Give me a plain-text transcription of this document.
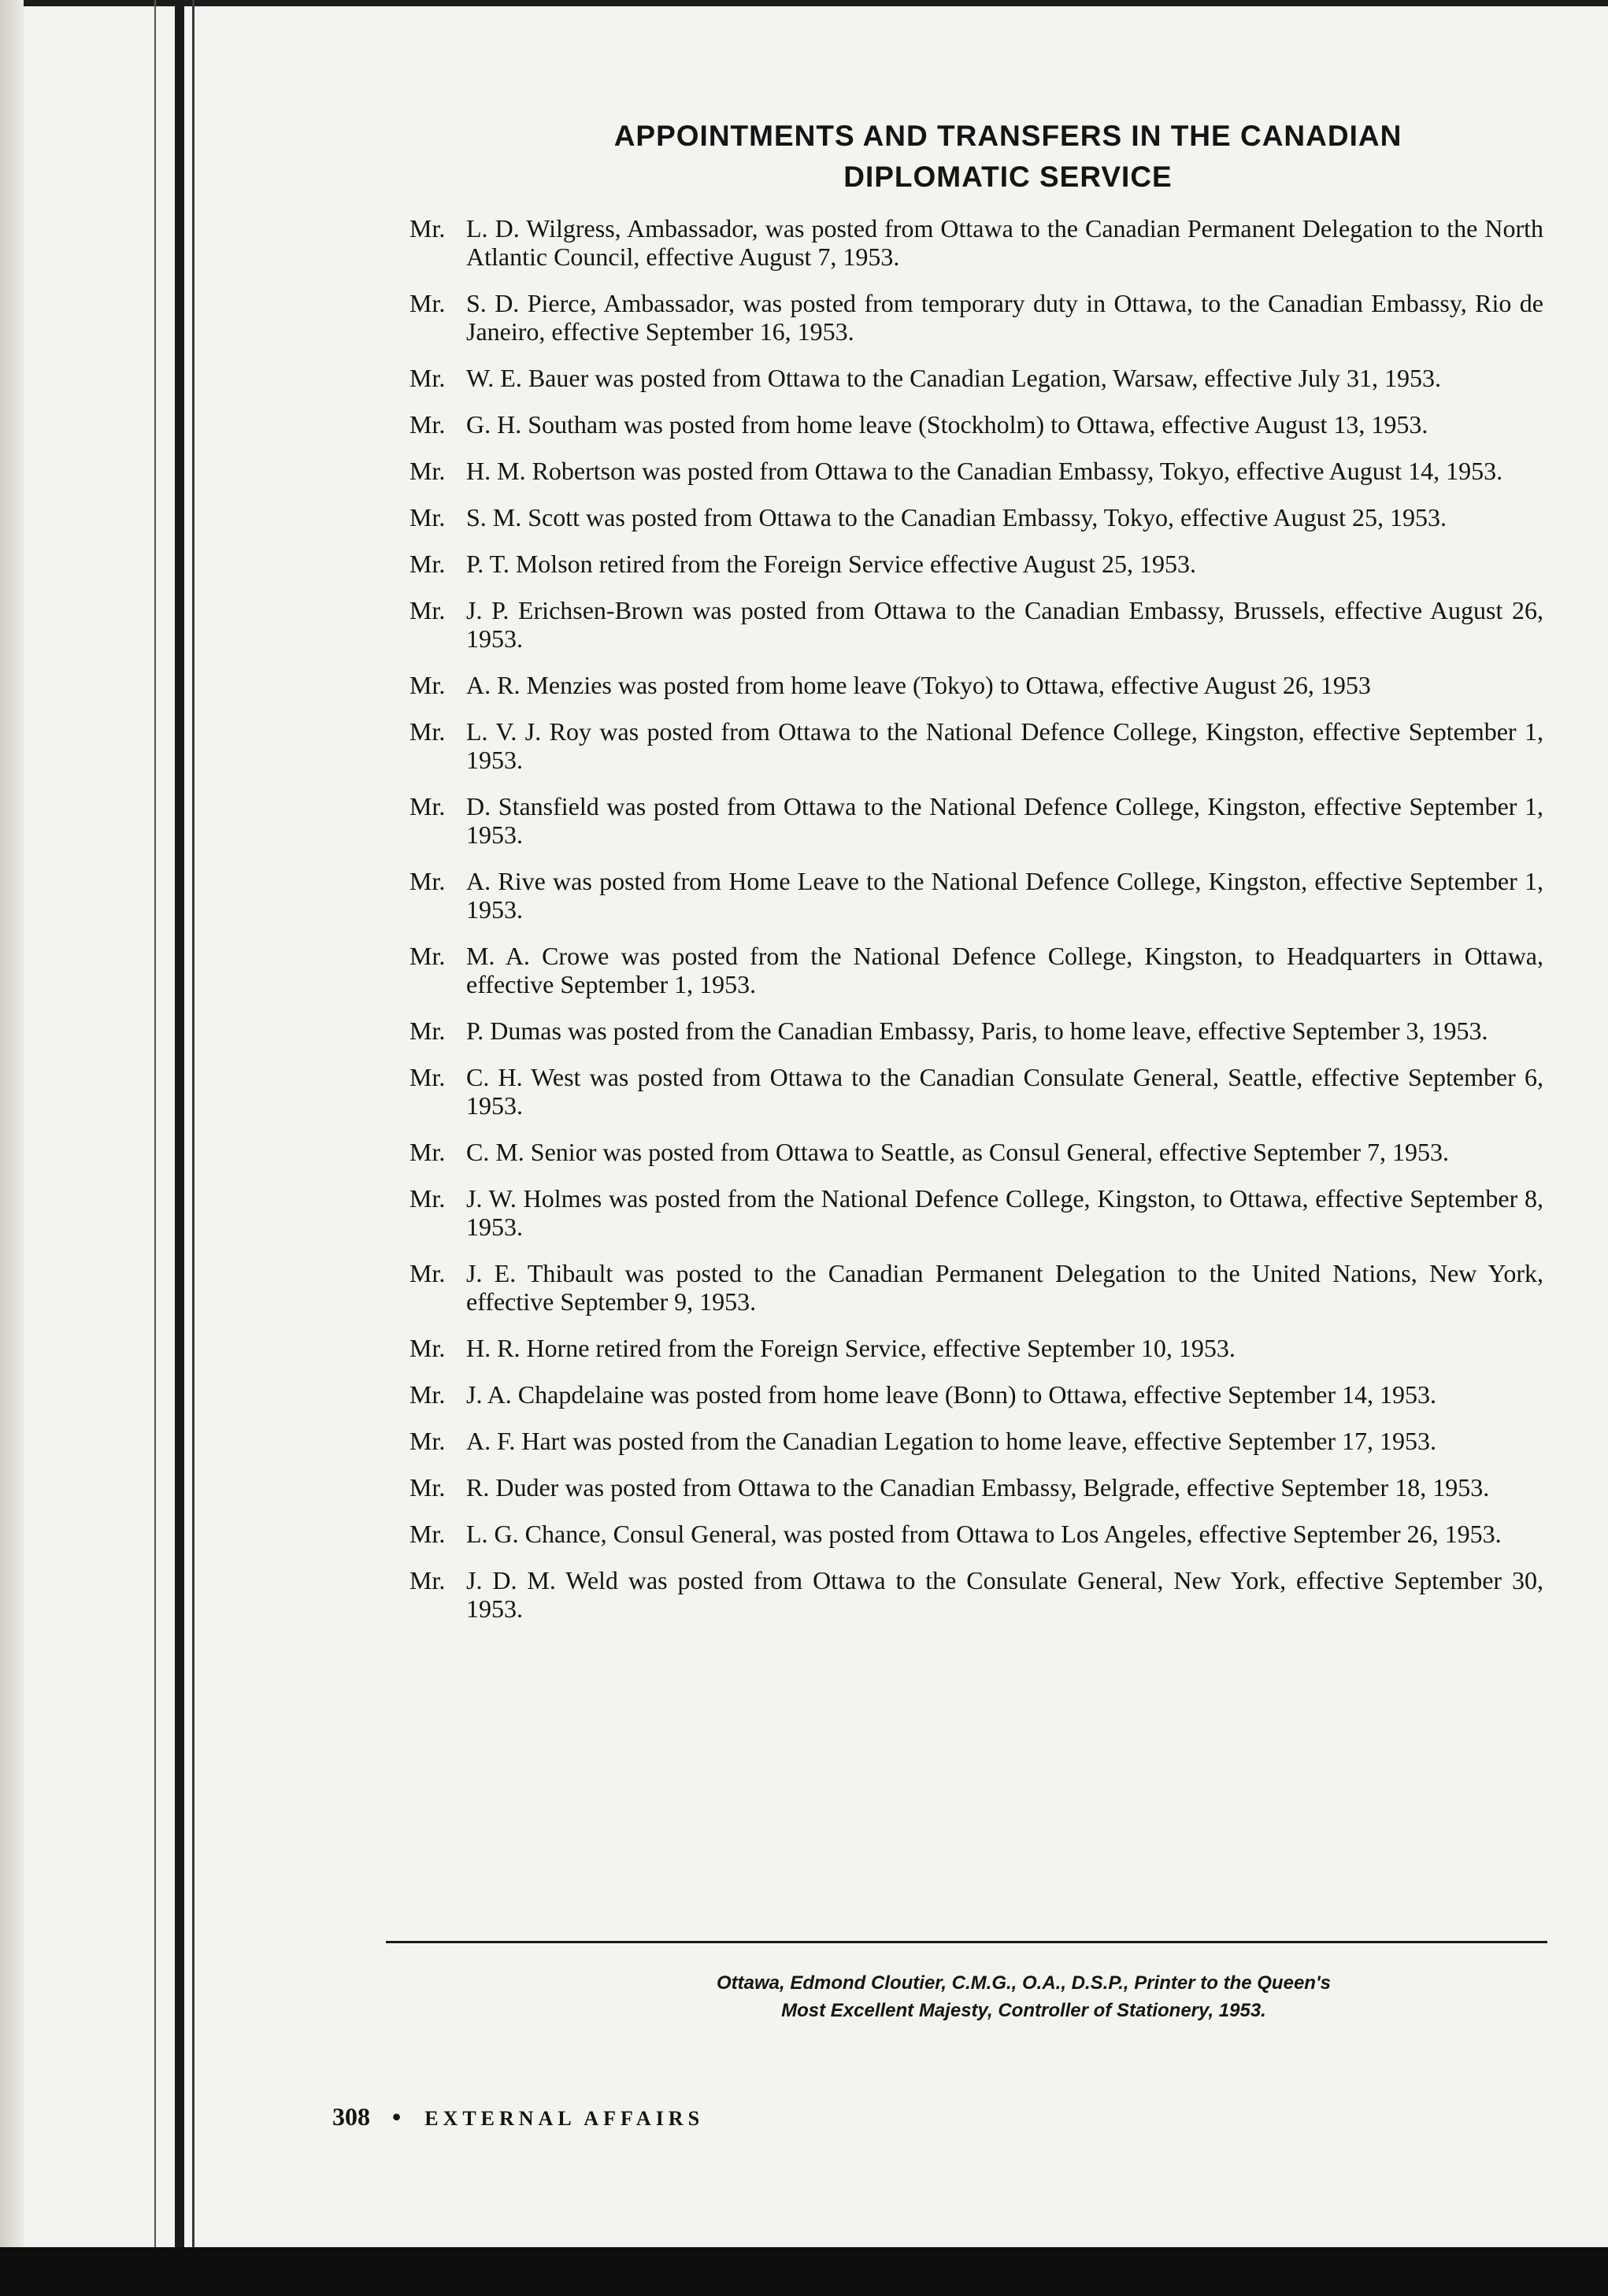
APPOINTMENTS AND TRANSFERS IN THE CANADIAN
DIPLOMATIC SERVICE
Mr. L. D. Wilgress, Ambassador, was posted from Ottawa to the Canadian Permanent Delegation to the North Atlantic Council, effective August 7, 1953.
Mr. S. D. Pierce, Ambassador, was posted from temporary duty in Ottawa, to the Canadian Embassy, Rio de Janeiro, effective September 16, 1953.
Mr. W. E. Bauer was posted from Ottawa to the Canadian Legation, Warsaw, effective July 31, 1953.
Mr. G. H. Southam was posted from home leave (Stockholm) to Ottawa, effective August 13, 1953.
Mr. H. M. Robertson was posted from Ottawa to the Canadian Embassy, Tokyo, effective August 14, 1953.
Mr. S. M. Scott was posted from Ottawa to the Canadian Embassy, Tokyo, effective August 25, 1953.
Mr. P. T. Molson retired from the Foreign Service effective August 25, 1953.
Mr. J. P. Erichsen-Brown was posted from Ottawa to the Canadian Embassy, Brussels, effective August 26, 1953.
Mr. A. R. Menzies was posted from home leave (Tokyo) to Ottawa, effective August 26, 1953
Mr. L. V. J. Roy was posted from Ottawa to the National Defence College, Kingston, effective September 1, 1953.
Mr. D. Stansfield was posted from Ottawa to the National Defence College, Kingston, effective September 1, 1953.
Mr. A. Rive was posted from Home Leave to the National Defence College, Kingston, effective September 1, 1953.
Mr. M. A. Crowe was posted from the National Defence College, Kingston, to Headquarters in Ottawa, effective September 1, 1953.
Mr. P. Dumas was posted from the Canadian Embassy, Paris, to home leave, effective September 3, 1953.
Mr. C. H. West was posted from Ottawa to the Canadian Consulate General, Seattle, effective September 6, 1953.
Mr. C. M. Senior was posted from Ottawa to Seattle, as Consul General, effective September 7, 1953.
Mr. J. W. Holmes was posted from the National Defence College, Kingston, to Ottawa, effective September 8, 1953.
Mr. J. E. Thibault was posted to the Canadian Permanent Delegation to the United Nations, New York, effective September 9, 1953.
Mr. H. R. Horne retired from the Foreign Service, effective September 10, 1953.
Mr. J. A. Chapdelaine was posted from home leave (Bonn) to Ottawa, effective September 14, 1953.
Mr. A. F. Hart was posted from the Canadian Legation to home leave, effective September 17, 1953.
Mr. R. Duder was posted from Ottawa to the Canadian Embassy, Belgrade, effective September 18, 1953.
Mr. L. G. Chance, Consul General, was posted from Ottawa to Los Angeles, effective September 26, 1953.
Mr. J. D. M. Weld was posted from Ottawa to the Consulate General, New York, effective September 30, 1953.
Ottawa, Edmond Cloutier, C.M.G., O.A., D.S.P., Printer to the Queen's
Most Excellent Majesty, Controller of Stationery, 1953.
308 • EXTERNAL AFFAIRS
